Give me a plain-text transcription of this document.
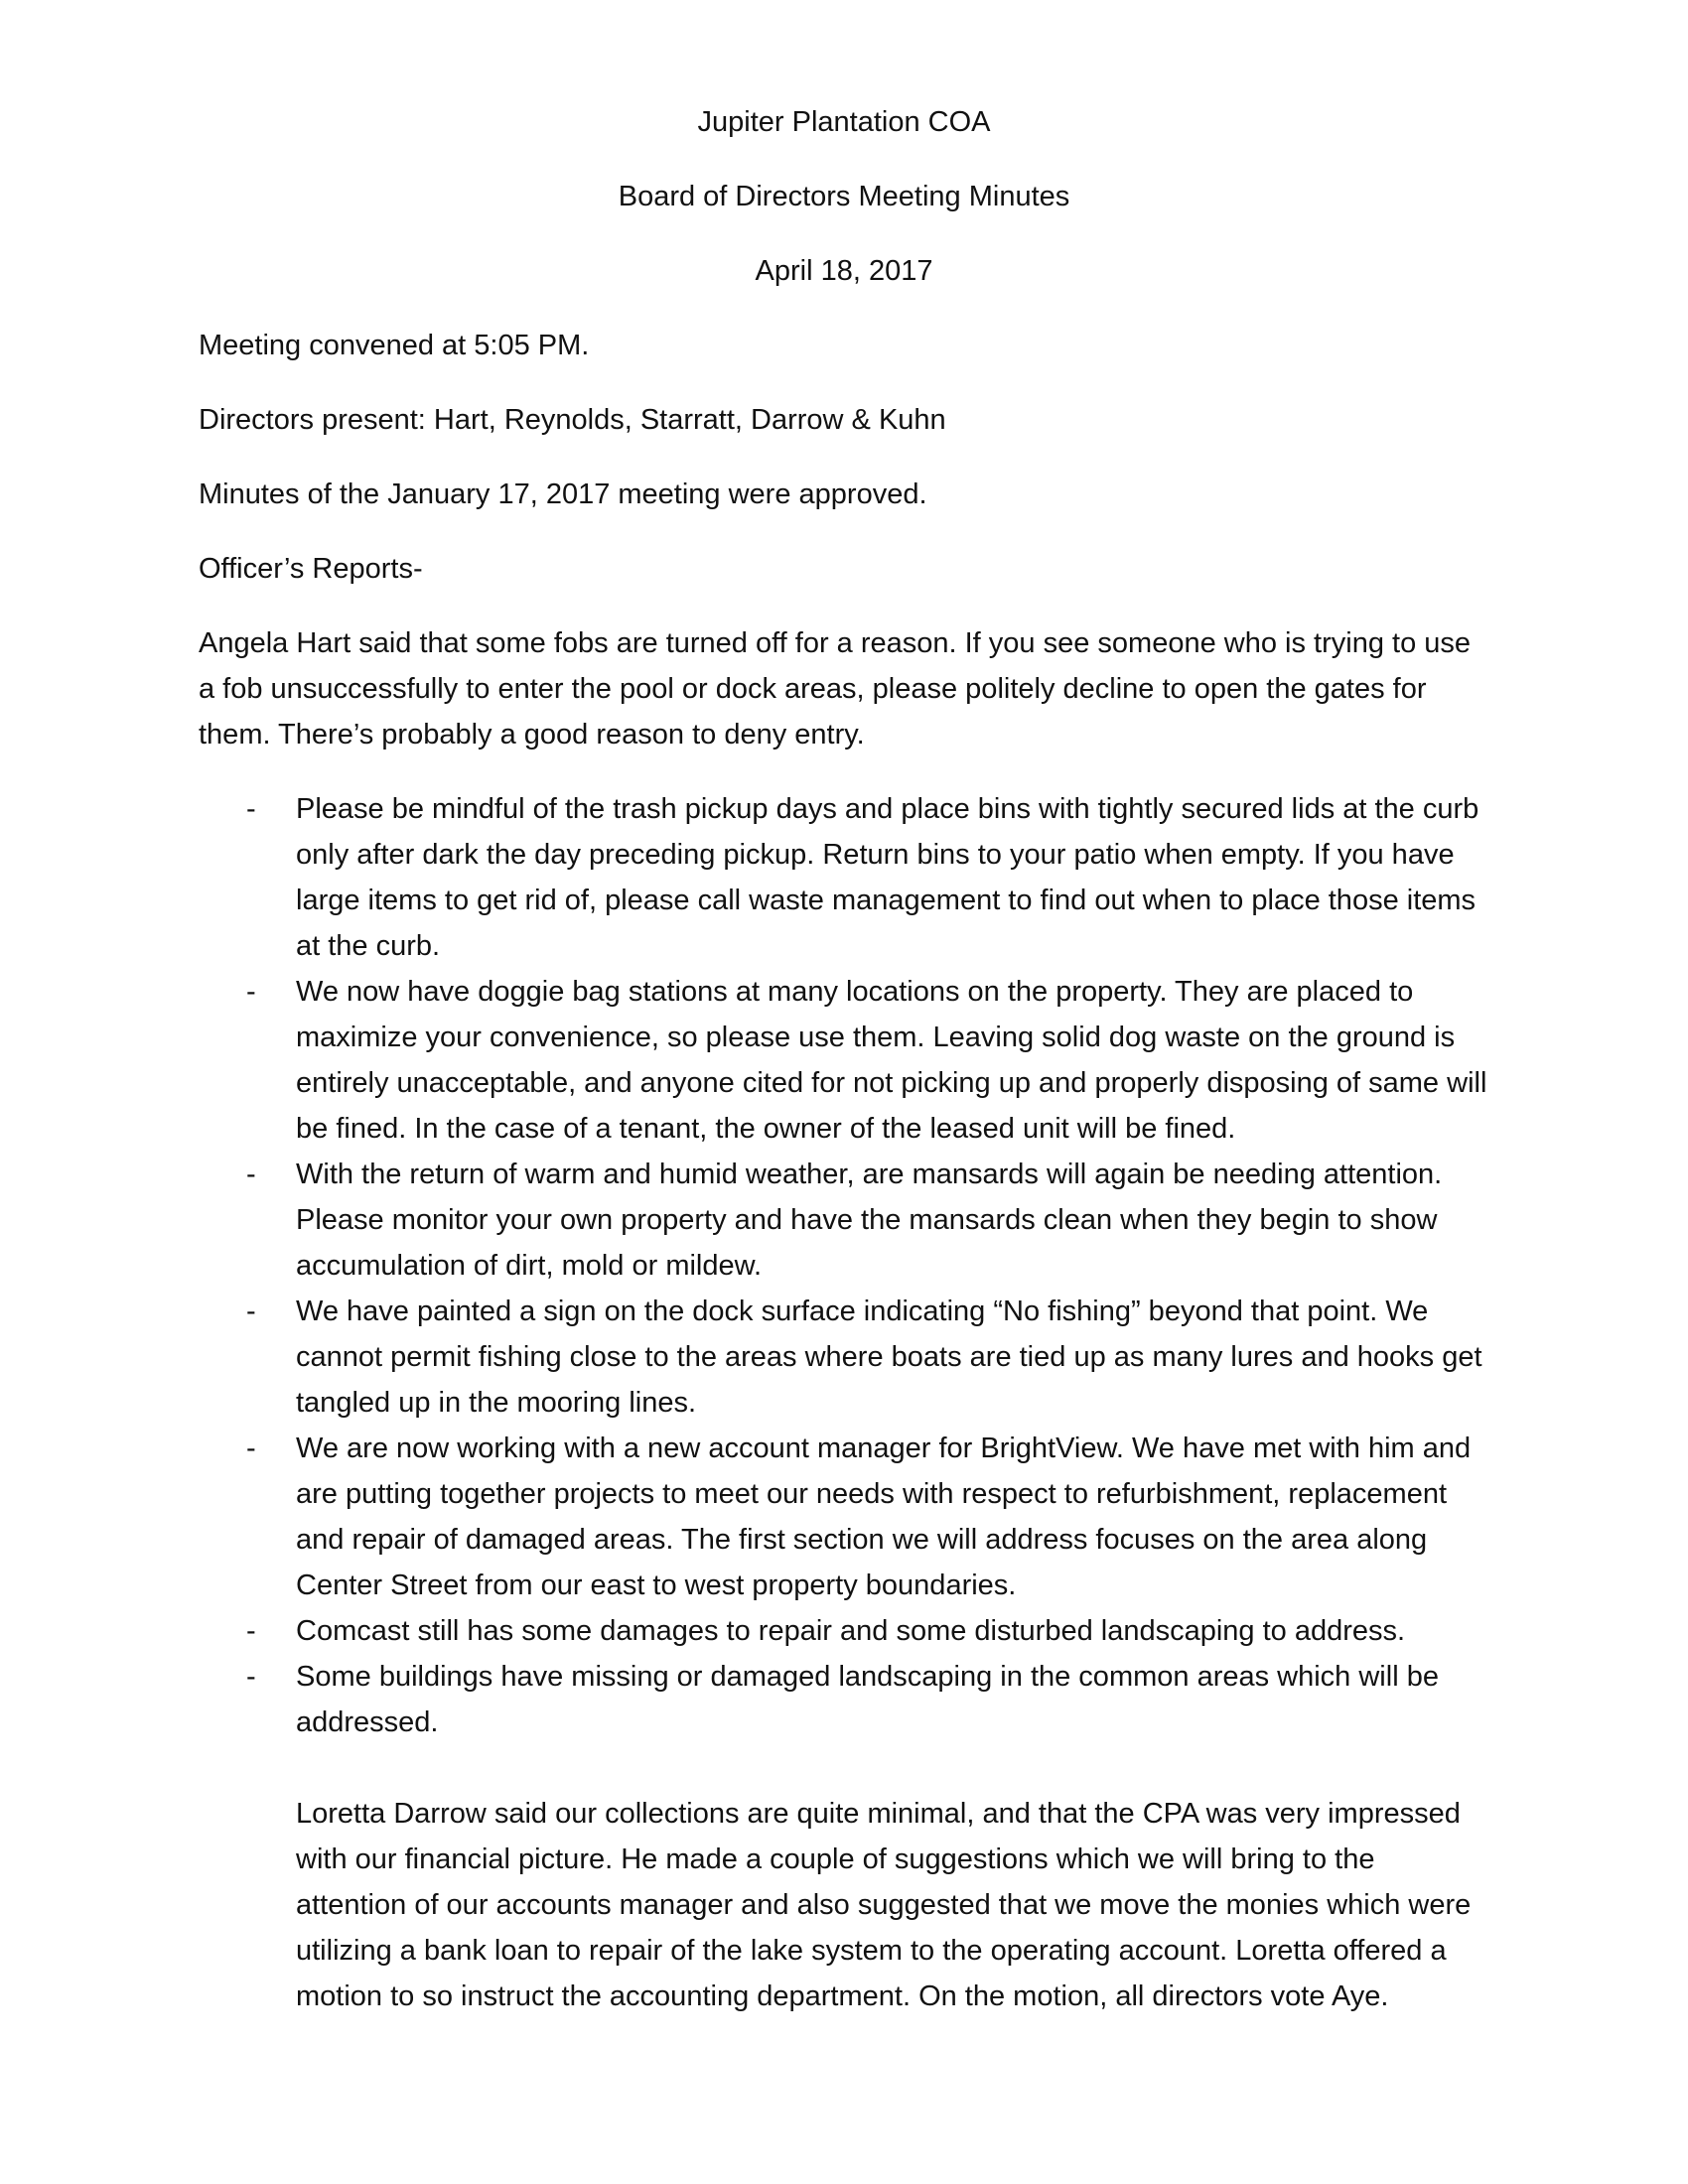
Jupiter Plantation COA
Board of Directors Meeting Minutes
April 18, 2017

Meeting convened at 5:05 PM.

Directors present: Hart, Reynolds, Starratt, Darrow & Kuhn

Minutes of the January 17, 2017 meeting were approved.

Officer’s Reports-

Angela Hart said that some fobs are turned off for a reason. If you see someone who is trying to use a fob unsuccessfully to enter the pool or dock areas, please politely decline to open the gates for them. There’s probably a good reason to deny entry.

- Please be mindful of the trash pickup days and place bins with tightly secured lids at the curb only after dark the day preceding pickup. Return bins to your patio when empty. If you have large items to get rid of, please call waste management to find out when to place those items at the curb.
- We now have doggie bag stations at many locations on the property. They are placed to maximize your convenience, so please use them. Leaving solid dog waste on the ground is entirely unacceptable, and anyone cited for not picking up and properly disposing of same will be fined. In the case of a tenant, the owner of the leased unit will be fined.
- With the return of warm and humid weather, are mansards will again be needing attention. Please monitor your own property and have the mansards clean when they begin to show accumulation of dirt, mold or mildew.
- We have painted a sign on the dock surface indicating “No fishing” beyond that point. We cannot permit fishing close to the areas where boats are tied up as many lures and hooks get tangled up in the mooring lines.
- We are now working with a new account manager for BrightView. We have met with him and are putting together projects to meet our needs with respect to refurbishment, replacement and repair of damaged areas. The first section we will address focuses on the area along Center Street from our east to west property boundaries.
- Comcast still has some damages to repair and some disturbed landscaping to address.
- Some buildings have missing or damaged landscaping in the common areas which will be addressed.

Loretta Darrow said our collections are quite minimal, and that the CPA was very impressed with our financial picture. He made a couple of suggestions which we will bring to the attention of our accounts manager and also suggested that we move the monies which were utilizing a bank loan to repair of the lake system to the operating account. Loretta offered a motion to so instruct the accounting department. On the motion, all directors vote Aye.
